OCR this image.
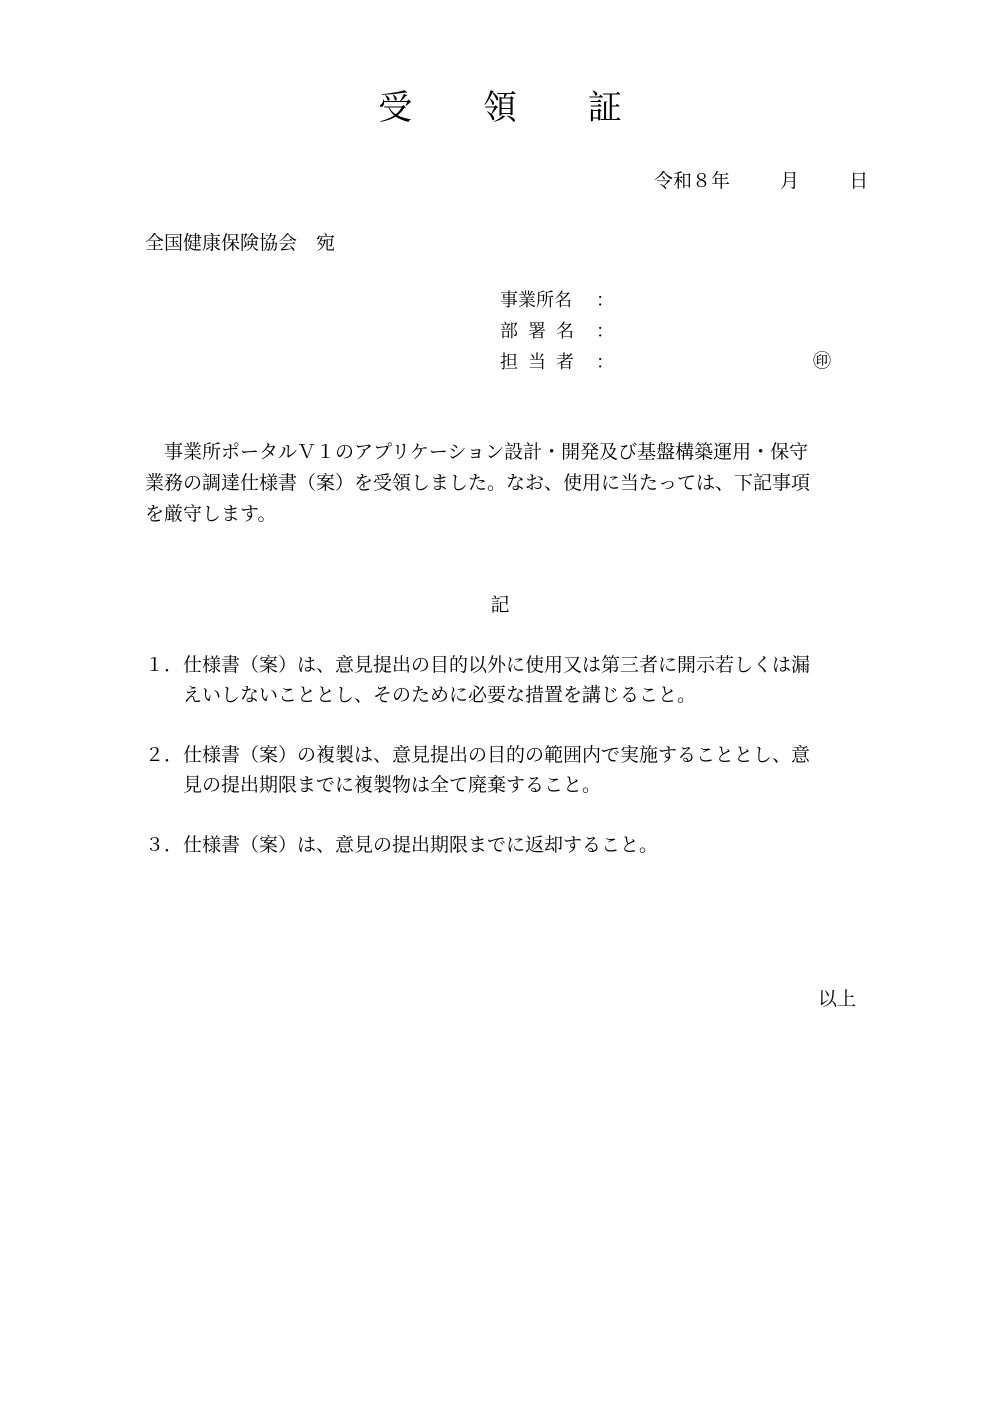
受 領 証
令和８年	月	日
全国健康保険協会　宛
事業所名 ：
部署名 ：
担当者 ：	㊞

　事業所ポータルＶ１のアプリケーション設計・開発及び基盤構築運用・保守

業務の調達仕様書（案）を受領しました。なお、使用に当たっては、下記事項

を厳守します。

記
１． 仕様書（案）は、意見提出の目的以外に使用又は第三者に開示若しくは漏

えいしないこととし、そのために必要な措置を講じること。

２． 仕様書（案）の複製は、意見提出の目的の範囲内で実施することとし、意

見の提出期限までに複製物は全て廃棄すること。

３． 仕様書（案）は、意見の提出期限までに返却すること。

以上
